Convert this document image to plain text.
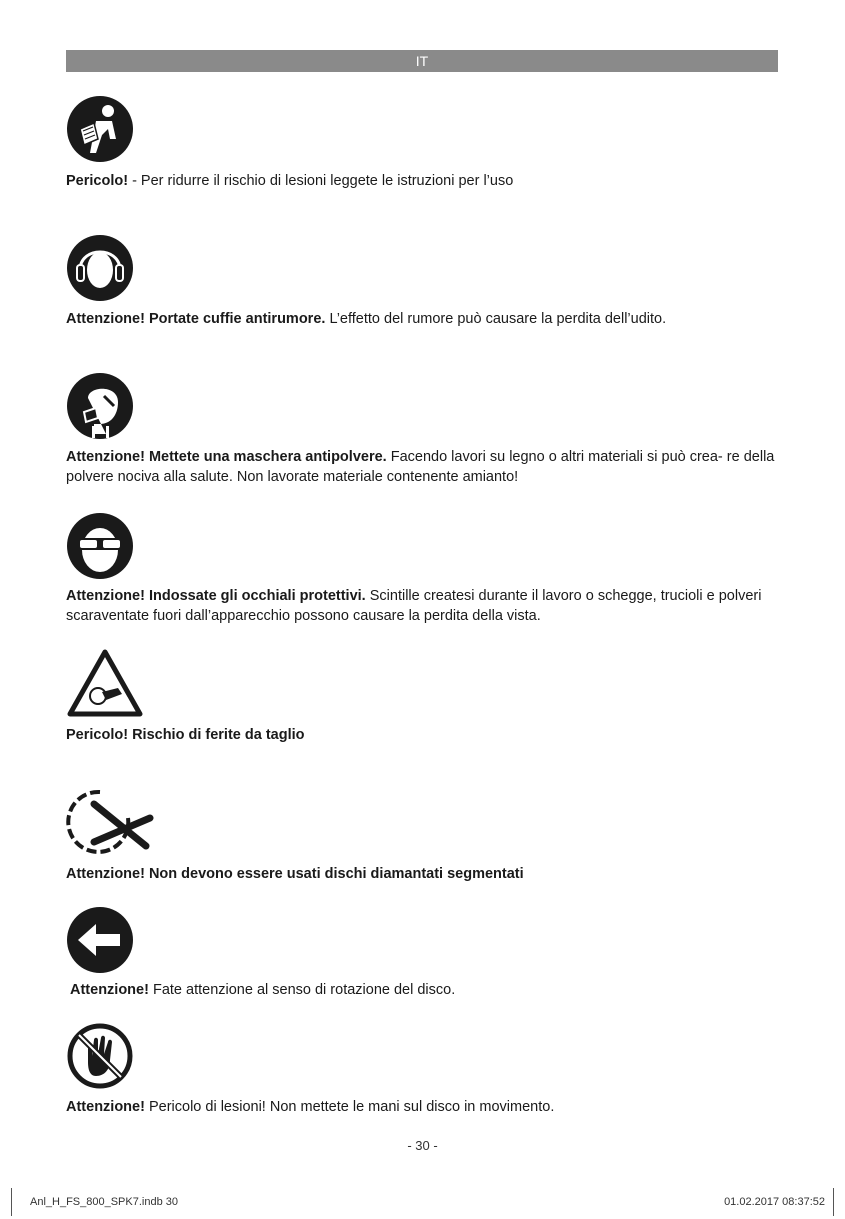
IT
Pericolo! - Per ridurre il rischio di lesioni leggete le istruzioni per l’uso
Attenzione! Portate cuffie antirumore. L’effetto del rumore può causare la perdita dell’udito.
Attenzione! Mettete una maschera antipolvere. Facendo lavori su legno o altri materiali si può crea- re della polvere nociva alla salute. Non lavorate materiale contenente amianto!
Attenzione! Indossate gli occhiali protettivi. Scintille createsi durante il lavoro o schegge, trucioli e polveri scaraventate fuori dall’apparecchio possono causare la perdita della vista.
Pericolo! Rischio di ferite da taglio
Attenzione! Non devono essere usati dischi diamantati segmentati
Attenzione! Fate attenzione al senso di rotazione del disco.
Attenzione! Pericolo di lesioni! Non mettete le mani sul disco in movimento.
- 30 -
Anl_H_FS_800_SPK7.indb 30	01.02.2017 08:37:52
